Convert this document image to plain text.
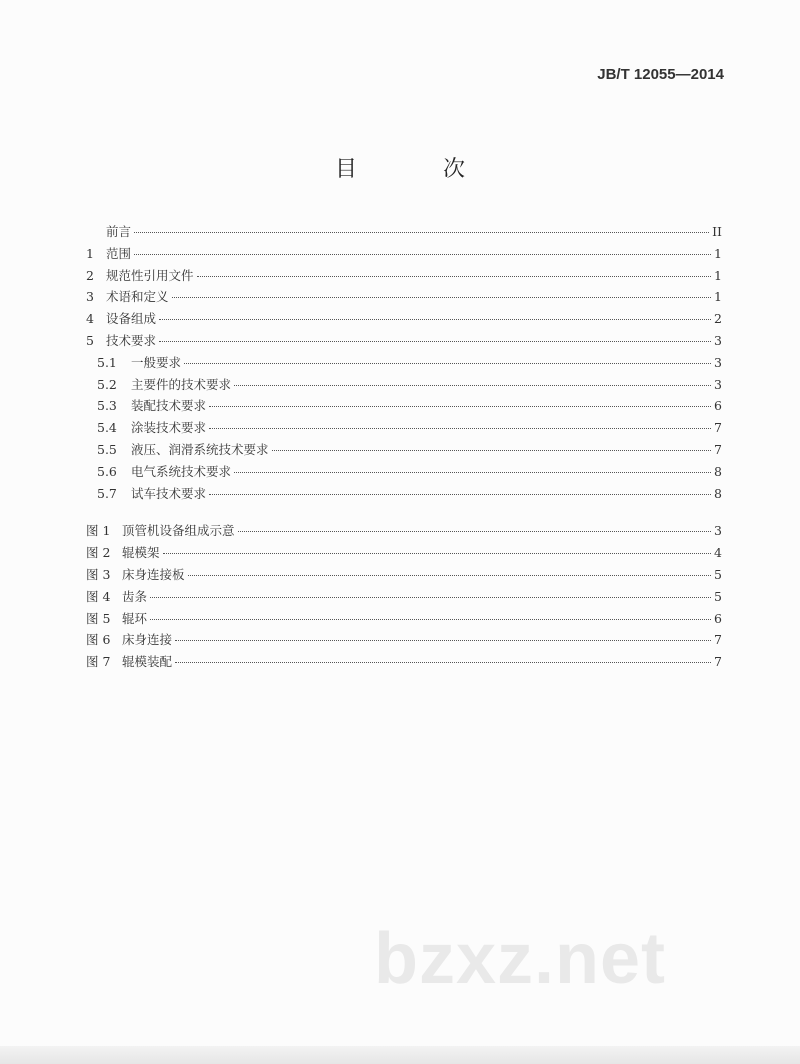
JB/T 12055—2014
目　次
前言	II
1 范围	1
2 规范性引用文件	1
3 术语和定义	1
4 设备组成	2
5 技术要求	3
5.1	一般要求	3
5.2	主要件的技术要求	3
5.3	装配技术要求	6
5.4	涂装技术要求	7
5.5	液压、润滑系统技术要求	7
5.6	电气系统技术要求	8
5.7	试车技术要求	8
图 1 顶管机设备组成示意	3
图 2 辊模架	4
图 3 床身连接板	5
图 4 齿条	5
图 5 辊环	6
图 6 床身连接	7
图 7 辊模装配	7
bzxz.net
